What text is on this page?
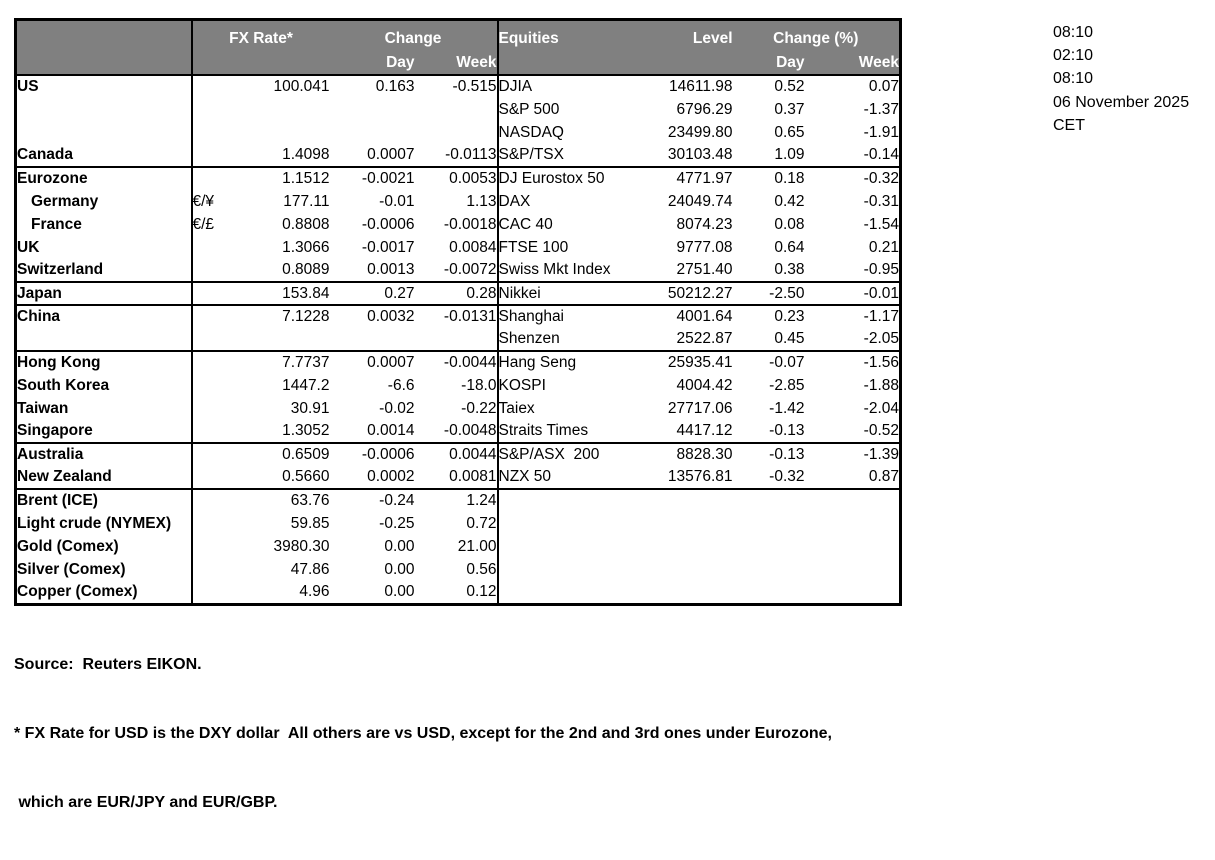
	FX Rate*		Change		Equities	Level	Change (%)	
			Day	Week			Day	Week
US		100.041	0.163	-0.515	DJIA	14611.98	0.52	0.07
					S&P 500	6796.29	0.37	-1.37
					NASDAQ	23499.80	0.65	-1.91
Canada		1.4098	0.0007	-0.0113	S&P/TSX	30103.48	1.09	-0.14
Eurozone		1.1512	-0.0021	0.0053	DJ Eurostox 50	4771.97	0.18	-0.32
Germany	€/¥	177.11	-0.01	1.13	DAX	24049.74	0.42	-0.31
France	€/£	0.8808	-0.0006	-0.0018	CAC 40	8074.23	0.08	-1.54
UK		1.3066	-0.0017	0.0084	FTSE 100	9777.08	0.64	0.21
Switzerland		0.8089	0.0013	-0.0072	Swiss Mkt Index	2751.40	0.38	-0.95
Japan		153.84	0.27	0.28	Nikkei	50212.27	-2.50	-0.01
China		7.1228	0.0032	-0.0131	Shanghai	4001.64	0.23	-1.17
					Shenzen	2522.87	0.45	-2.05
Hong Kong		7.7737	0.0007	-0.0044	Hang Seng	25935.41	-0.07	-1.56
South Korea		1447.2	-6.6	-18.0	KOSPI	4004.42	-2.85	-1.88
Taiwan		30.91	-0.02	-0.22	Taiex	27717.06	-1.42	-2.04
Singapore		1.3052	0.0014	-0.0048	Straits Times	4417.12	-0.13	-0.52
Australia		0.6509	-0.0006	0.0044	S&P/ASX  200	8828.30	-0.13	-1.39
New Zealand		0.5660	0.0002	0.0081	NZX 50	13576.81	-0.32	0.87
Brent (ICE)		63.76	-0.24	1.24				
Light crude (NYMEX)		59.85	-0.25	0.72				
Gold (Comex)		3980.30	0.00	21.00				
Silver (Comex)		47.86	0.00	0.56				
Copper (Comex)		4.96	0.00	0.12				
08:10
02:10
08:10
06 November 2025
CET

Source:  Reuters EIKON.

* FX Rate for USD is the DXY dollar  All others are vs USD, except for the 2nd and 3rd ones under Eurozone,

which are EUR/JPY and EUR/GBP.
